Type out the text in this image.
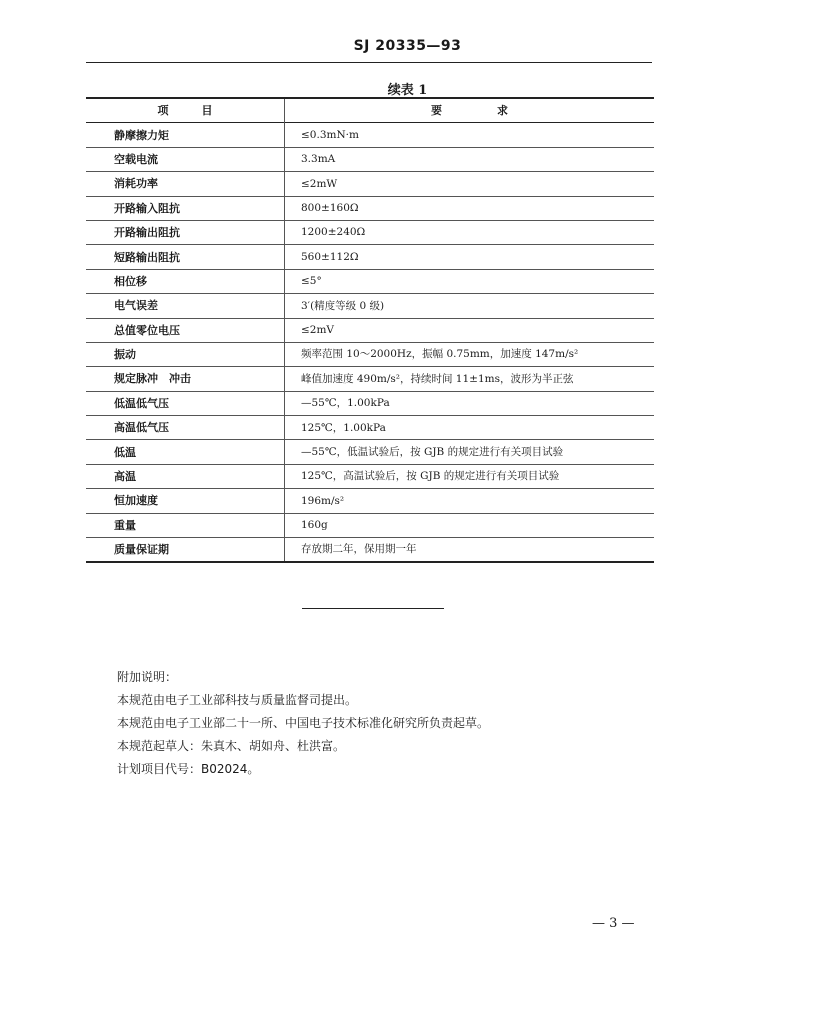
SJ 20335—93
续表 1
项　　　目	要　　　　　求
静摩擦力矩	≤0.3mN·m
空载电流	3.3mA
消耗功率	≤2mW
开路输入阻抗	800±160Ω
开路输出阻抗	1200±240Ω
短路输出阻抗	560±112Ω
相位移	≤5°
电气误差	3′(精度等级 0 级)
总值零位电压	≤2mV
振动	频率范围 10～2000Hz，振幅 0.75mm，加速度 147m/s²
规定脉冲　冲击	峰值加速度 490m/s²，持续时间 11±1ms，波形为半正弦
低温低气压	—55℃，1.00kPa
高温低气压	125℃，1.00kPa
低温	—55℃，低温试验后，按 GJB 的规定进行有关项目试验
高温	125℃，高温试验后，按 GJB 的规定进行有关项目试验
恒加速度	196m/s²
重量	160g
质量保证期	存放期二年，保用期一年
附加说明：
本规范由电子工业部科技与质量监督司提出。
本规范由电子工业部二十一所、中国电子技术标准化研究所负责起草。
本规范起草人：朱真木、胡如舟、杜洪富。
计划项目代号：B02024。
— 3 —
